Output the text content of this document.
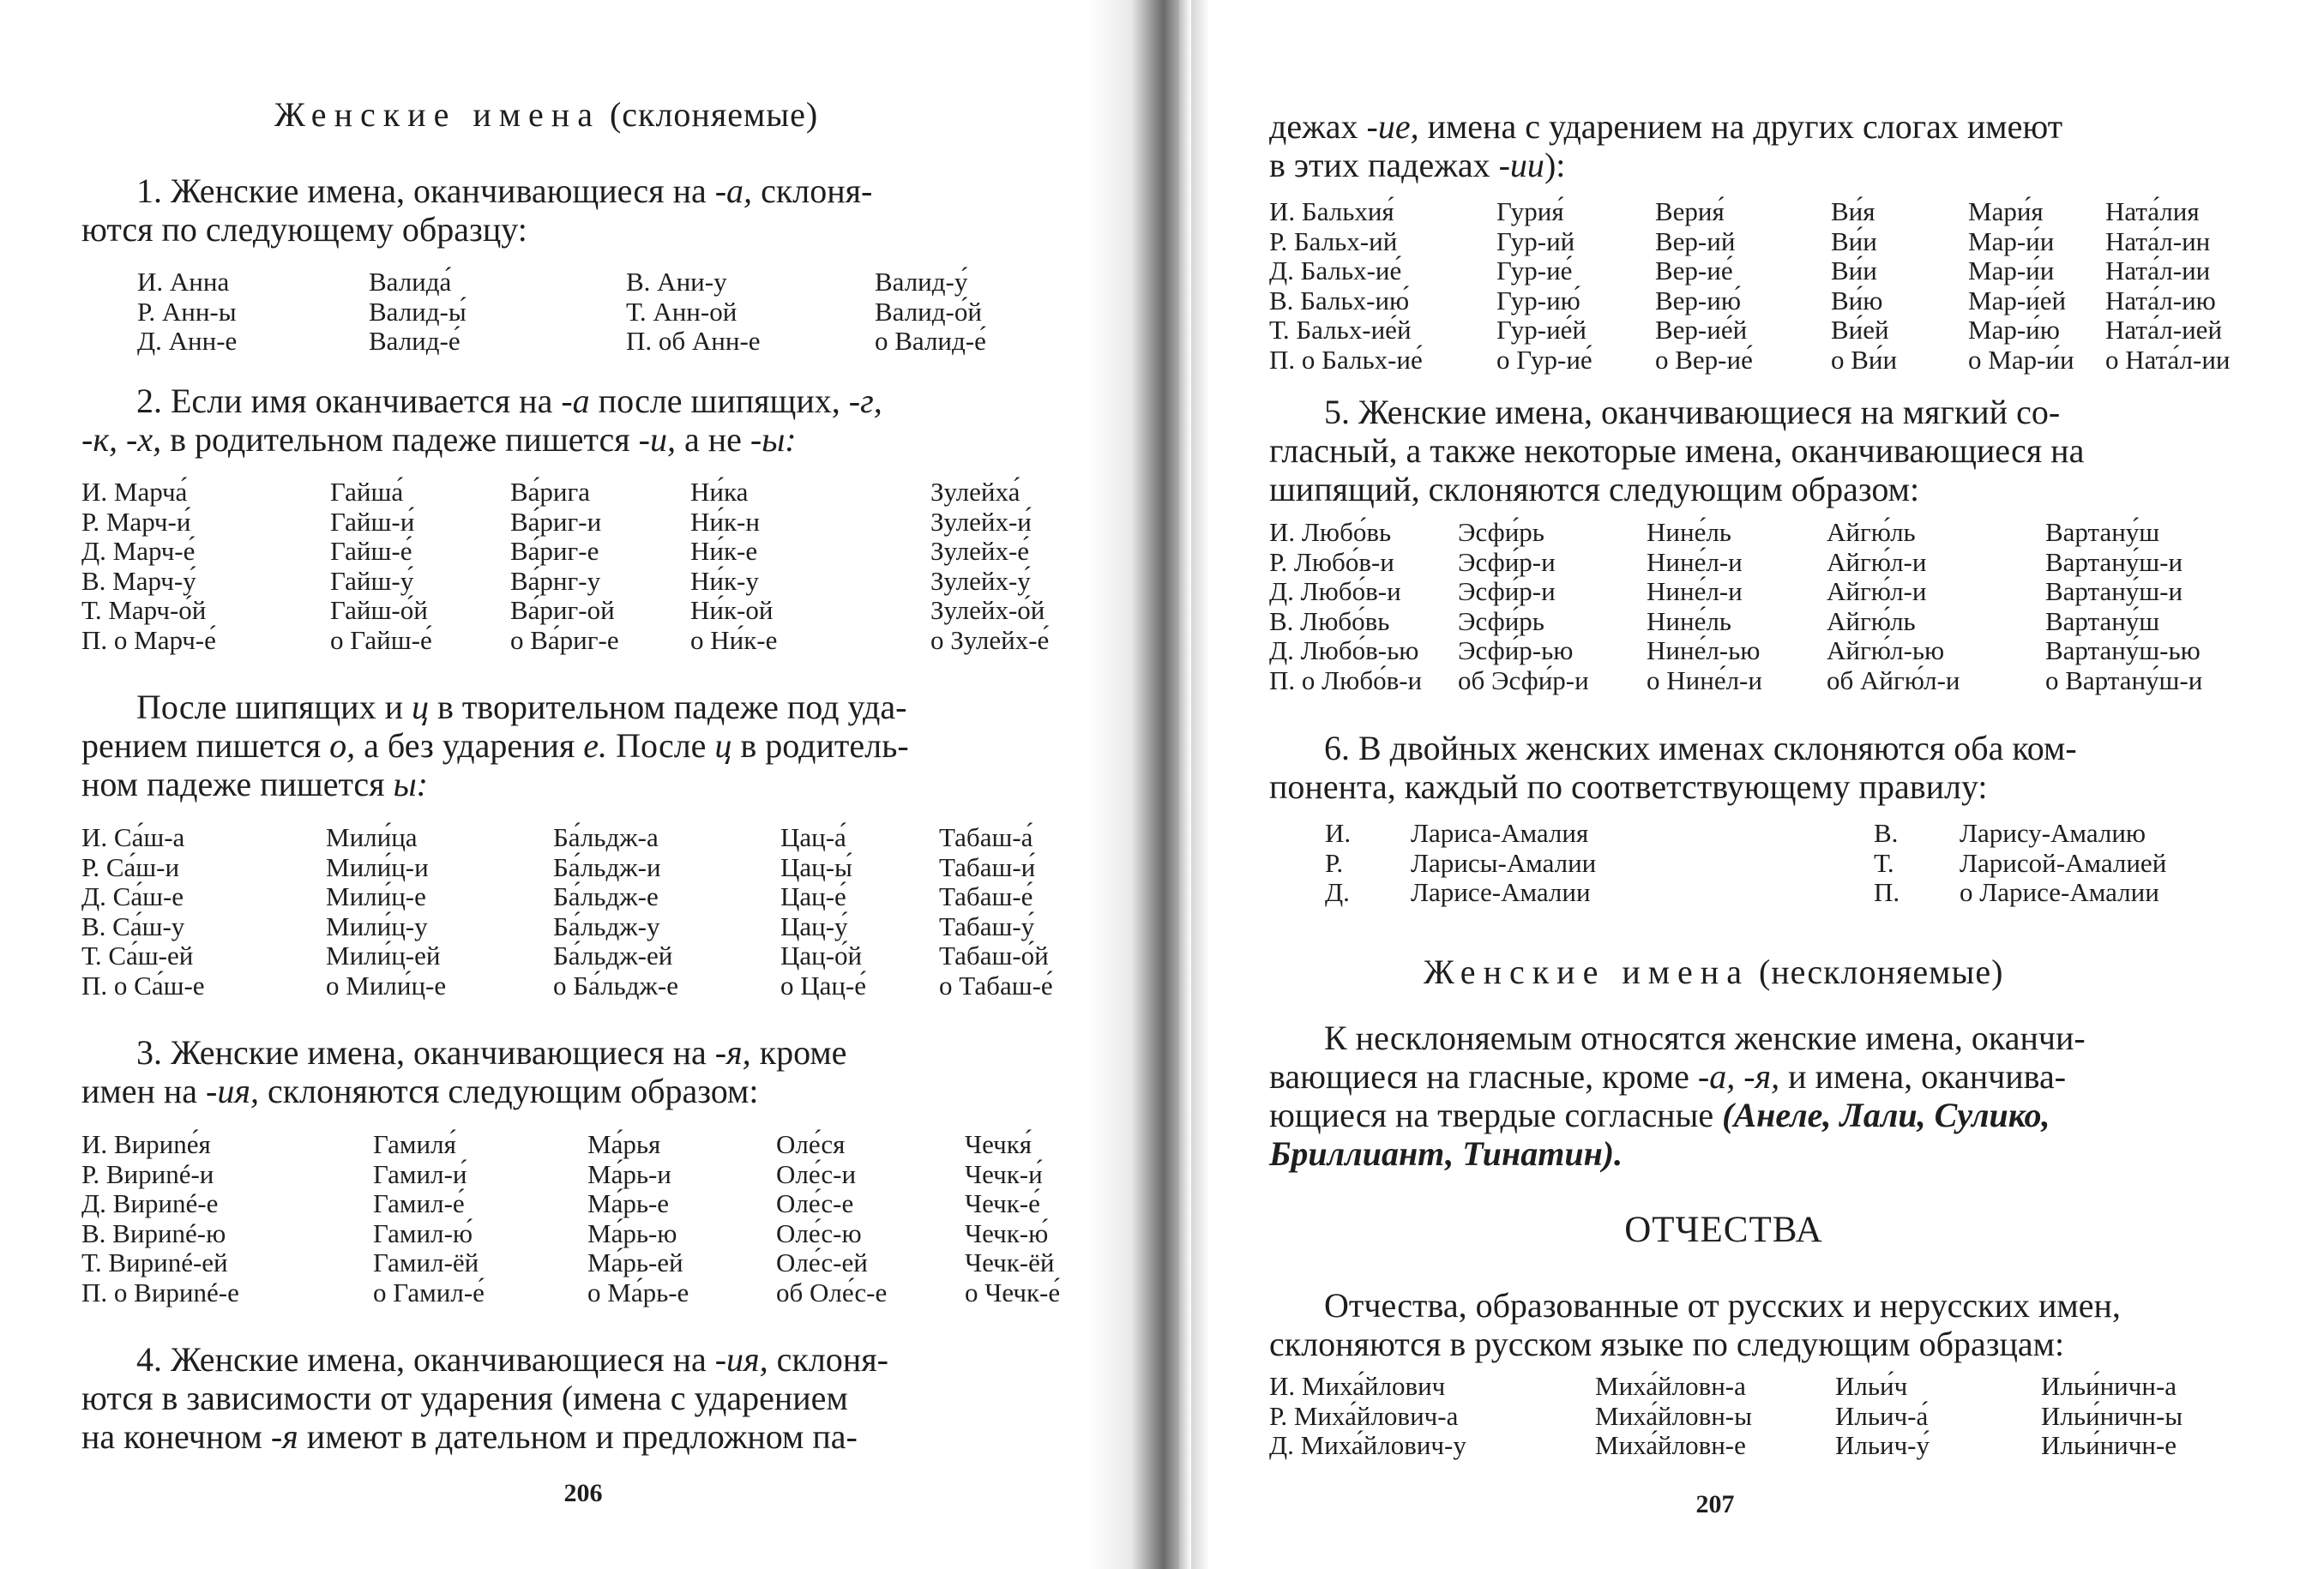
Женские имена (склоняемые)

1. Женские имена, оканчивающиеся на -а, склоня-

ются по следующему образцу:

И. Анна	Валида́	В. Ани-у	Валид-у́
Р. Анн-ы	Валид-ы́	Т. Анн-ой	Валид-о́й
Д. Анн-е	Валид-е́	П. об Анн-е	о Валид-е́

2. Если имя оканчивается на -а после шипящих, -г,

-к, -х, в родительном падеже пишется -и, а не -ы:

И. Марча́	Гайша́	Ва́рига	Ни́ка	Зулейха́
Р. Марч-и́	Гайш-и́	Ва́риг-и	Ни́к-н	Зулейх-и́
Д. Марч-е́	Гайш-е́	Ва́риг-е	Ни́к-е	Зулейх-е́
В. Марч-у́	Гайш-у́	Ва́рнг-у	Ни́к-у	Зулейх-у́
Т. Марч-о́й	Гайш-о́й	Ва́риг-ой	Ни́к-ой	Зулейх-о́й
П. о Марч-е́	о Гайш-е́	о Ва́риг-е	о Ни́к-е	о Зулейх-е́

После шипящих и ц в творительном падеже под уда-

рением пишется о, а без ударения е. После ц в родитель-

ном падеже пишется ы:

И. Са́ш-а	Мили́ца	Ба́льдж-а	Цац-а́	Табаш-а́
Р. Са́ш-и	Мили́ц-и	Ба́льдж-и	Цац-ы́	Табаш-и́
Д. Са́ш-е	Мили́ц-е	Ба́льдж-е	Цац-е́	Табаш-е́
В. Са́ш-у	Мили́ц-у	Ба́льдж-у	Цац-у́	Табаш-у́
Т. Са́ш-ей	Мили́ц-ей	Ба́льдж-ей	Цац-о́й	Табаш-о́й
П. о Са́ш-е	о Мили́ц-е	о Ба́льдж-е	о Цац-е́	о Табаш-е́

3. Женские имена, оканчивающиеся на -я, кроме

имен на -ия, склоняются следующим образом:

И. Вириnе́я	Гамиля́	Ма́рья	Оле́ся	Чечкя́
Р. Вириné-и	Гамил-и́	Ма́рь-и	Оле́с-и	Чечк-и́
Д. Вириné-е	Гамил-е́	Ма́рь-е	Оле́с-е	Чечк-е́
В. Вириné-ю	Гамил-ю́	Ма́рь-ю	Оле́с-ю	Чечк-ю́
Т. Вириné-ей	Гамил-ёй	Ма́рь-ей	Оле́с-ей	Чечк-ёй
П. о Вириné-е	о Гамил-е́	о Ма́рь-е	об Оле́с-е	о Чечк-е́

4. Женские имена, оканчивающиеся на -ия, склоня-

ются в зависимости от ударения (имена с ударением

на конечном -я имеют в дательном и предложном па-

206

дежах -ие, имена с ударением на других слогах имеют

в этих падежах -ии):

И. Бальхия́	Гурия́	Верия́	Ви́я	Мари́я	Ната́лия
Р. Бальх-ий	Гур-ий	Вер-ий	Ви́и	Мар-и́и	Ната́л-ин
Д. Бальх-ие́	Гур-ие́	Вер-ие́	Ви́и	Мар-и́и	Ната́л-ии
В. Бальх-ию́	Гур-ию́	Вер-ию́	Ви́ю	Мар-и́ей	Ната́л-ию
Т. Бальх-ие́й	Гур-ие́й	Вер-ие́й	Ви́ей	Мар-и́ю	Ната́л-ией
П. о Бальх-ие́	о Гур-ие́	о Вер-ие́	о Ви́и	о Мар-и́и	о Ната́л-ии

5. Женские имена, оканчивающиеся на мягкий со-

гласный, а также некоторые имена, оканчивающиеся на

шипящий, склоняются следующим образом:

И. Любо́вь	Эсфи́рь	Нине́ль	Айгю́ль	Вартану́ш
Р. Любо́в-и	Эсфи́р-и	Нине́л-и	Айгю́л-и	Вартану́ш-и
Д. Любо́в-и	Эсфи́р-и	Нине́л-и	Айгю́л-и	Вартану́ш-и
В. Любо́вь	Эсфи́рь	Нине́ль	Айгю́ль	Вартану́ш
Д. Любо́в-ью	Эсфи́р-ью	Нине́л-ью	Айгю́л-ью	Вартану́ш-ью
П. о Любо́в-и	об Эсфи́р-и	о Нине́л-и	об Айгю́л-и	о Вартану́ш-и

6. В двойных женских именах склоняются оба ком-

понента, каждый по соответствующему правилу:

И.	Лариса-Амалия	В.	Ларису-Амалию
Р.	Ларисы-Амалии	Т.	Ларисой-Амалией
Д.	Ларисе-Амалии	П.	о Ларисе-Амалии
Женские имена (несклоняемые)

К несклоняемым относятся женские имена, оканчи-

вающиеся на гласные, кроме -а, -я, и имена, оканчива-

ющиеся на твердые согласные (Анеле, Лали, Сулико,

Бриллиант, Тинатин).

ОТЧЕСТВА

Отчества, образованные от русских и нерусских имен,

склоняются в русском языке по следующим образцам:

И. Миха́йлович	Миха́йловн-а	Ильи́ч	Ильи́ничн-а
Р. Миха́йлович-а	Миха́йловн-ы	Ильич-а́	Ильи́ничн-ы
Д. Миха́йлович-у	Миха́йловн-е	Ильич-у́	Ильи́ничн-е
207
